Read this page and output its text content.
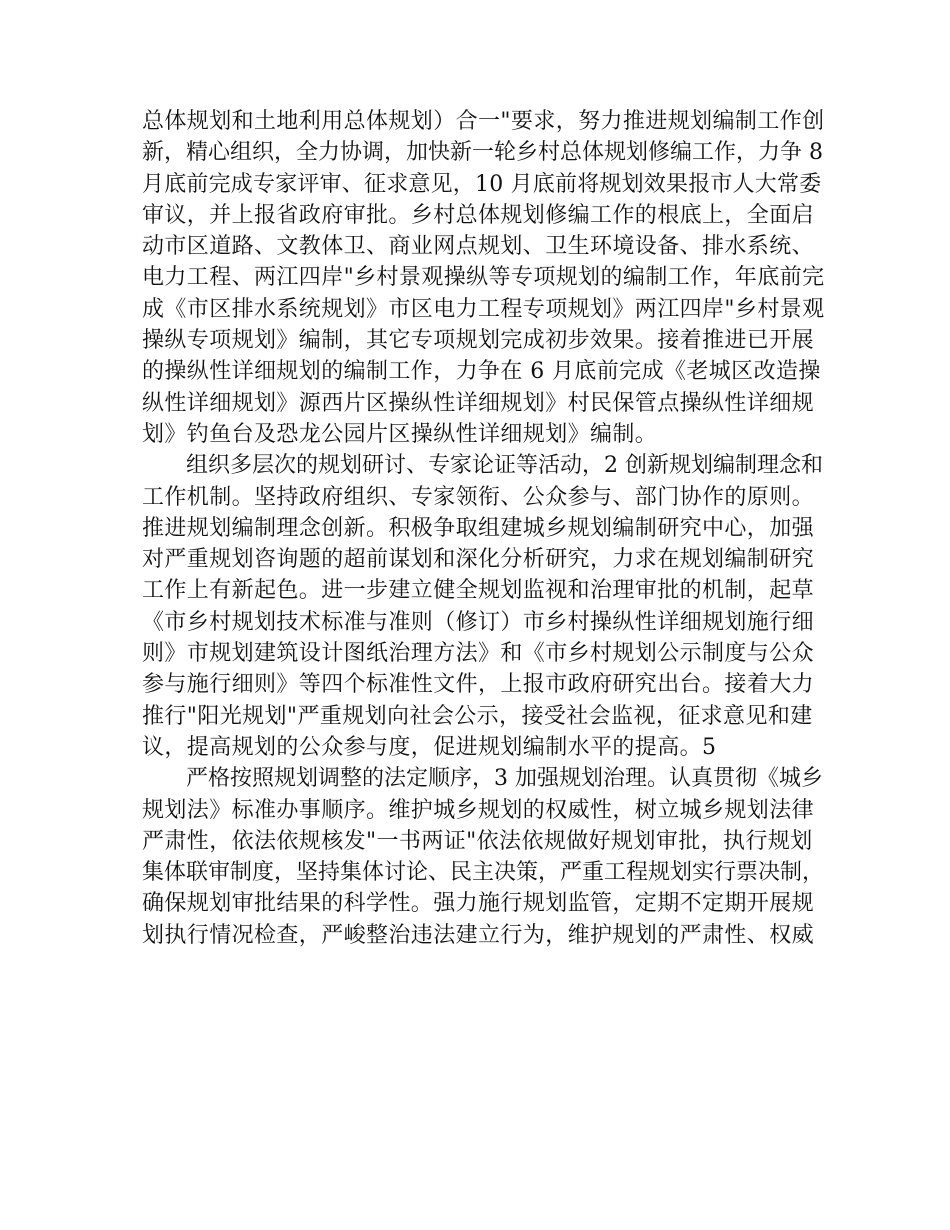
总体规划和土地利用总体规划）合一"要求，努力推进规划编制工作创
新，精心组织，全力协调，加快新一轮乡村总体规划修编工作，力争 8
月底前完成专家评审、征求意见，10 月底前将规划效果报市人大常委
审议，并上报省政府审批。乡村总体规划修编工作的根底上，全面启
动市区道路、文教体卫、商业网点规划、卫生环境设备、排水系统、
电力工程、两江四岸"乡村景观操纵等专项规划的编制工作，年底前完
成《市区排水系统规划》市区电力工程专项规划》两江四岸"乡村景观
操纵专项规划》编制，其它专项规划完成初步效果。接着推进已开展
的操纵性详细规划的编制工作，力争在 6 月底前完成《老城区改造操
纵性详细规划》源西片区操纵性详细规划》村民保管点操纵性详细规
划》钓鱼台及恐龙公园片区操纵性详细规划》编制。
组织多层次的规划研讨、专家论证等活动，2 创新规划编制理念和
工作机制。坚持政府组织、专家领衔、公众参与、部门协作的原则。
推进规划编制理念创新。积极争取组建城乡规划编制研究中心，加强
对严重规划咨询题的超前谋划和深化分析研究，力求在规划编制研究
工作上有新起色。进一步建立健全规划监视和治理审批的机制，起草
《市乡村规划技术标准与准则（修订）市乡村操纵性详细规划施行细
则》市规划建筑设计图纸治理方法》和《市乡村规划公示制度与公众
参与施行细则》等四个标准性文件，上报市政府研究出台。接着大力
推行"阳光规划"严重规划向社会公示，接受社会监视，征求意见和建
议，提高规划的公众参与度，促进规划编制水平的提高。5
严格按照规划调整的法定顺序，3 加强规划治理。认真贯彻《城乡
规划法》标准办事顺序。维护城乡规划的权威性，树立城乡规划法律
严肃性，依法依规核发"一书两证"依法依规做好规划审批，执行规划
集体联审制度，坚持集体讨论、民主决策，严重工程规划实行票决制，
确保规划审批结果的科学性。强力施行规划监管，定期不定期开展规
划执行情况检查，严峻整治违法建立行为，维护规划的严肃性、权威
